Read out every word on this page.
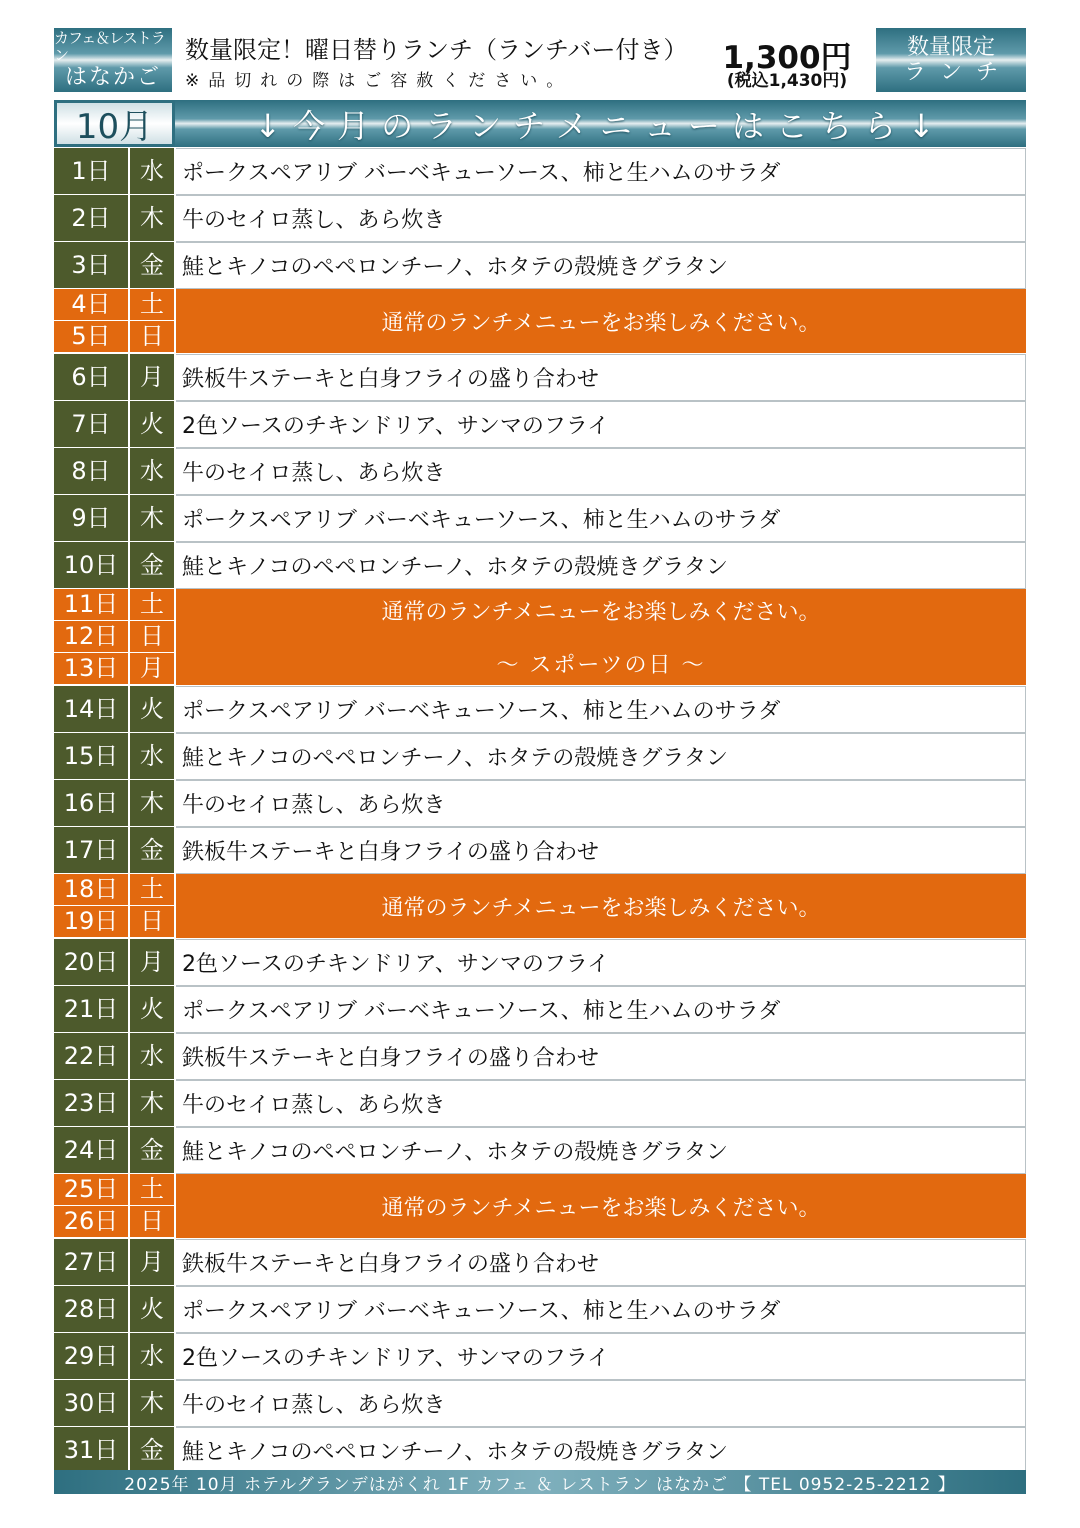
カフェ＆レストラン
はなかご
数量限定！曜日替りランチ（ランチバー付き）
※品切れの際はご容赦ください。
1,300円
(税込1,430円)
数量限定
ランチ
10月	↓今月のランチメニューはこちら↓
1日	水 ポークスペアリブ バーベキューソース、柿と生ハムのサラダ
2日	木 牛のセイロ蒸し、あら炊き
3日	金 鮭とキノコのペペロンチーノ、ホタテの殻焼きグラタン
4日	土
5日	日	通常のランチメニューをお楽しみください。
6日	月 鉄板牛ステーキと白身フライの盛り合わせ
7日	火 2色ソースのチキンドリア、サンマのフライ
8日	水 牛のセイロ蒸し、あら炊き
9日	木 ポークスペアリブ バーベキューソース、柿と生ハムのサラダ
10日 金 鮭とキノコのペペロンチーノ、ホタテの殻焼きグラタン
11日 土
12日 日
13日 月
通常のランチメニューをお楽しみください。
～ スポーツの日 ～
14日 火 ポークスペアリブ バーベキューソース、柿と生ハムのサラダ
15日 水 鮭とキノコのペペロンチーノ、ホタテの殻焼きグラタン
16日 木 牛のセイロ蒸し、あら炊き
17日 金 鉄板牛ステーキと白身フライの盛り合わせ
18日 土
19日 日	通常のランチメニューをお楽しみください。
20日 月 2色ソースのチキンドリア、サンマのフライ
21日 火 ポークスペアリブ バーベキューソース、柿と生ハムのサラダ
22日 水 鉄板牛ステーキと白身フライの盛り合わせ
23日 木 牛のセイロ蒸し、あら炊き
24日 金 鮭とキノコのペペロンチーノ、ホタテの殻焼きグラタン
25日 土
26日 日	通常のランチメニューをお楽しみください。
27日 月 鉄板牛ステーキと白身フライの盛り合わせ
28日 火 ポークスペアリブ バーベキューソース、柿と生ハムのサラダ
29日 水 2色ソースのチキンドリア、サンマのフライ
30日 木 牛のセイロ蒸し、あら炊き
31日 金 鮭とキノコのペペロンチーノ、ホタテの殻焼きグラタン
2025年 10月 ホテルグランデはがくれ 1F カフェ ＆ レストラン はなかご 【 TEL 0952-25-2212 】
